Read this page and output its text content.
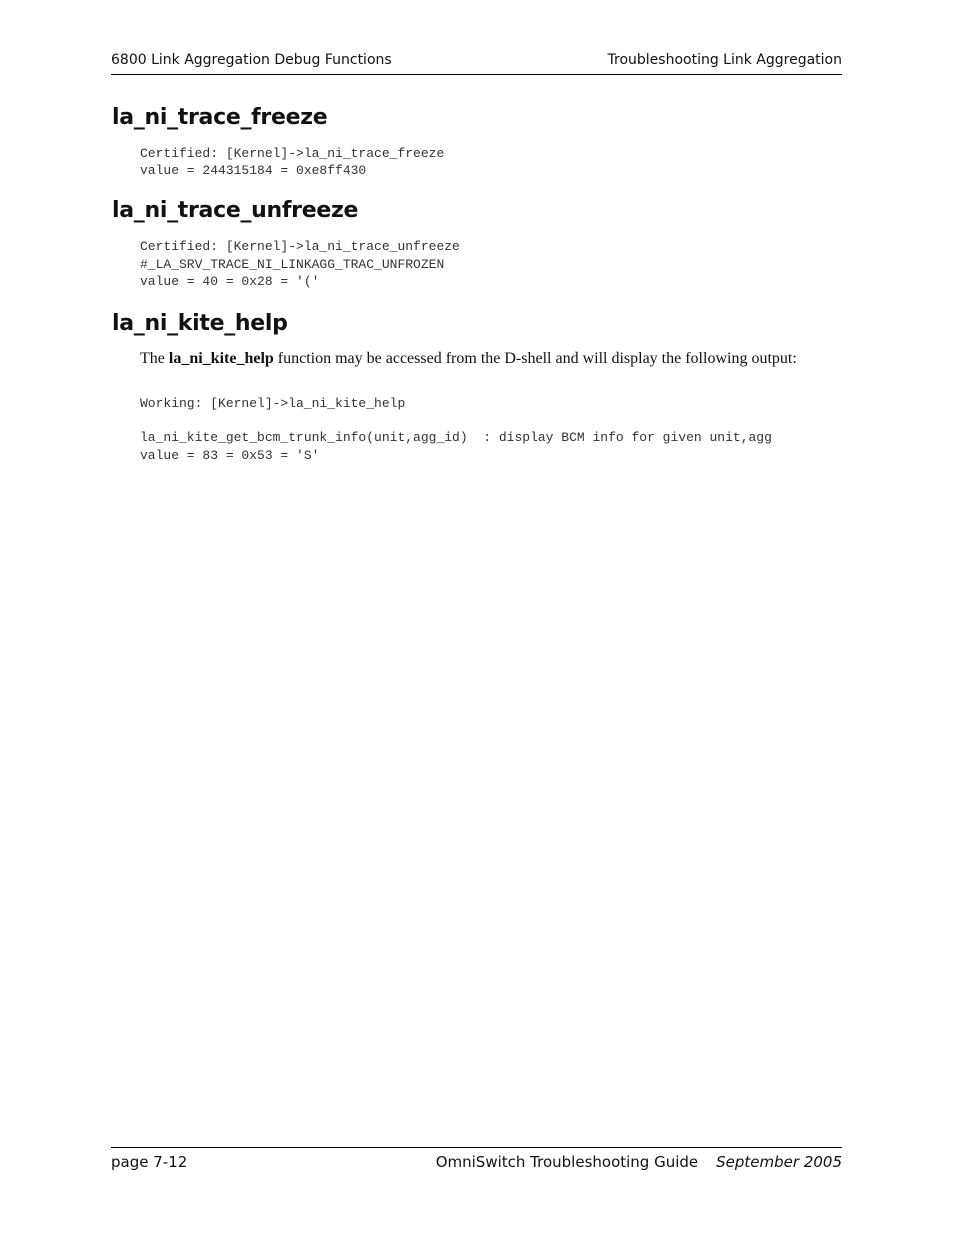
6800 Link Aggregation Debug Functions	Troubleshooting Link Aggregation
la_ni_trace_freeze
Certified: [Kernel]->la_ni_trace_freeze
value = 244315184 = 0xe8ff430
la_ni_trace_unfreeze
Certified: [Kernel]->la_ni_trace_unfreeze
#_LA_SRV_TRACE_NI_LINKAGG_TRAC_UNFROZEN
value = 40 = 0x28 = '('
la_ni_kite_help

The la_ni_kite_help function may be accessed from the D-shell and will display the following output:

Working: [Kernel]->la_ni_kite_help

la_ni_kite_get_bcm_trunk_info(unit,agg_id)  : display BCM info for given unit,agg
value = 83 = 0x53 = 'S'
page 7-12	OmniSwitch Troubleshooting Guide September 2005
